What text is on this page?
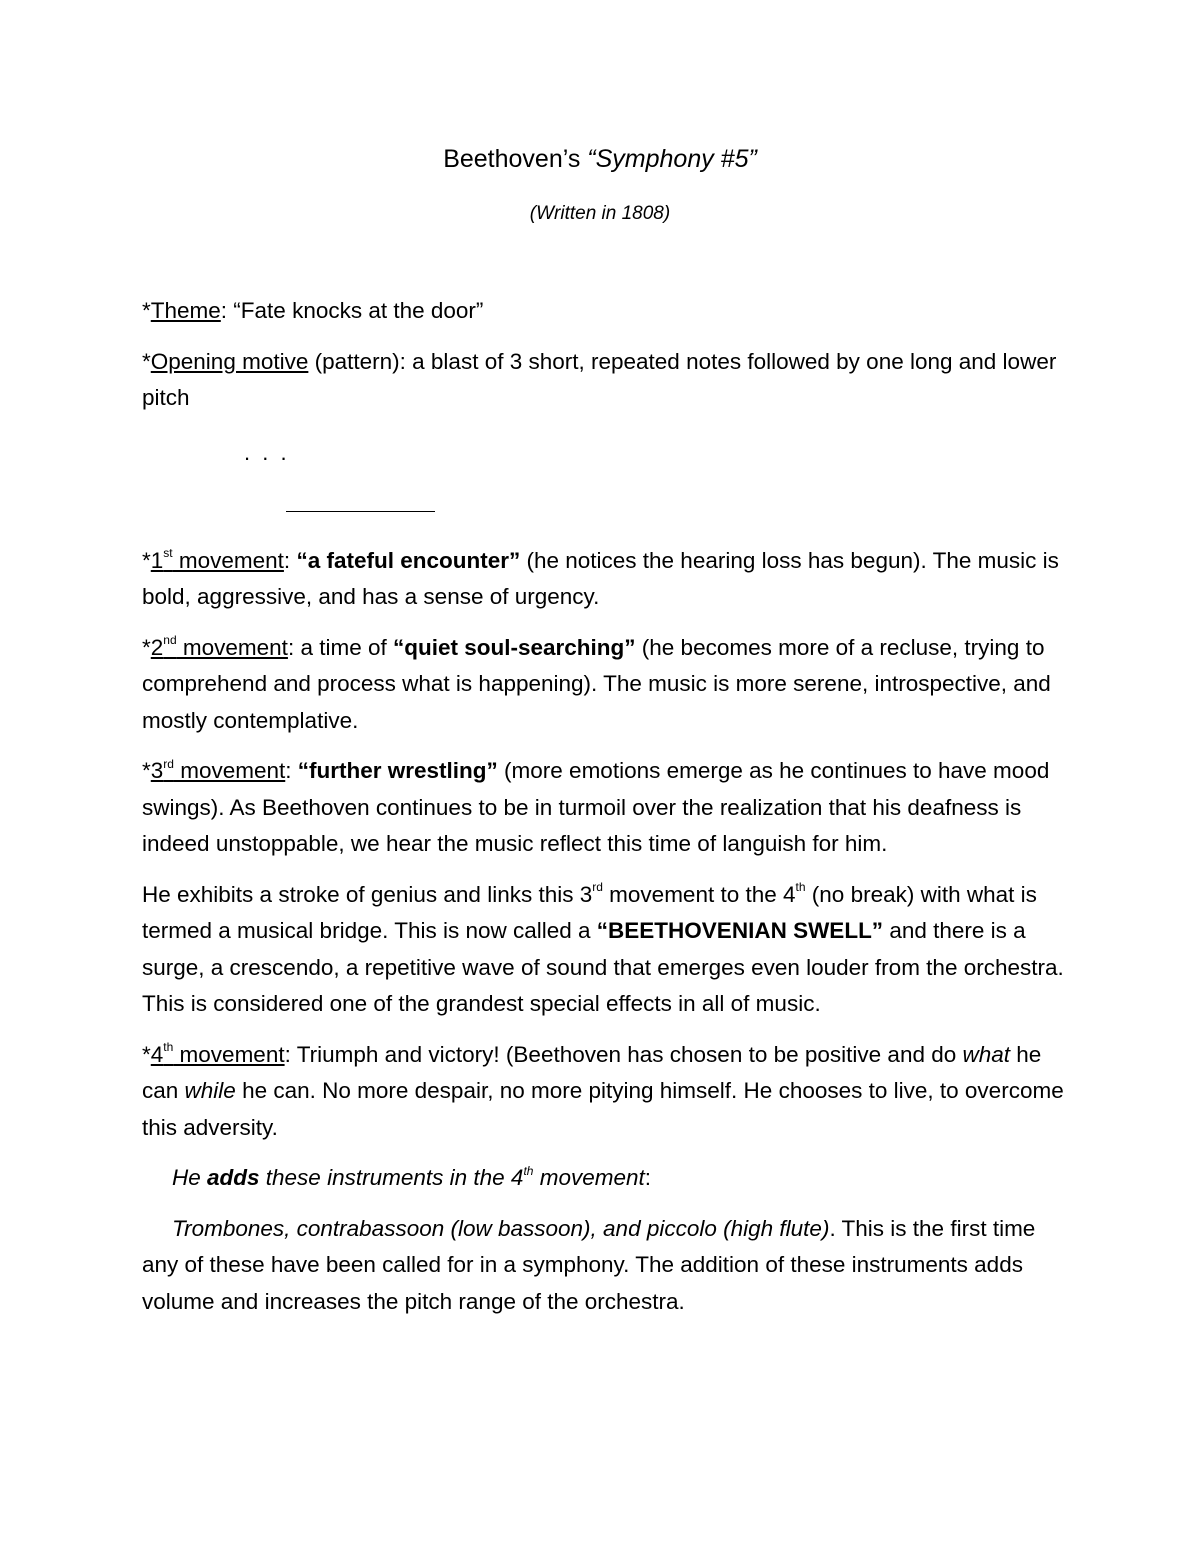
Beethoven’s “Symphony #5”
(Written in 1808)
. . .

*Theme: “Fate knocks at the door”

*Opening motive (pattern): a blast of 3 short, repeated notes followed by one long and lower pitch

*1st movement: “a fateful encounter” (he notices the hearing loss has begun). The music is bold, aggressive, and has a sense of urgency.

*2nd movement: a time of “quiet soul-searching” (he becomes more of a recluse, trying to comprehend and process what is happening). The music is more serene, introspective, and mostly contemplative.

*3rd movement: “further wrestling” (more emotions emerge as he continues to have mood swings). As Beethoven continues to be in turmoil over the realization that his deafness is indeed unstoppable, we hear the music reflect this time of languish for him.

He exhibits a stroke of genius and links this 3rd movement to the 4th (no break) with what is termed a musical bridge. This is now called a “BEETHOVENIAN SWELL” and there is a surge, a crescendo, a repetitive wave of sound that emerges even louder from the orchestra. This is considered one of the grandest special effects in all of music.

*4th movement: Triumph and victory! (Beethoven has chosen to be positive and do what he can while he can. No more despair, no more pitying himself. He chooses to live, to overcome this adversity.

He adds these instruments in the 4th movement:

Trombones, contrabassoon (low bassoon), and piccolo (high flute). This is the first time any of these have been called for in a symphony. The addition of these instruments adds volume and increases the pitch range of the orchestra.
